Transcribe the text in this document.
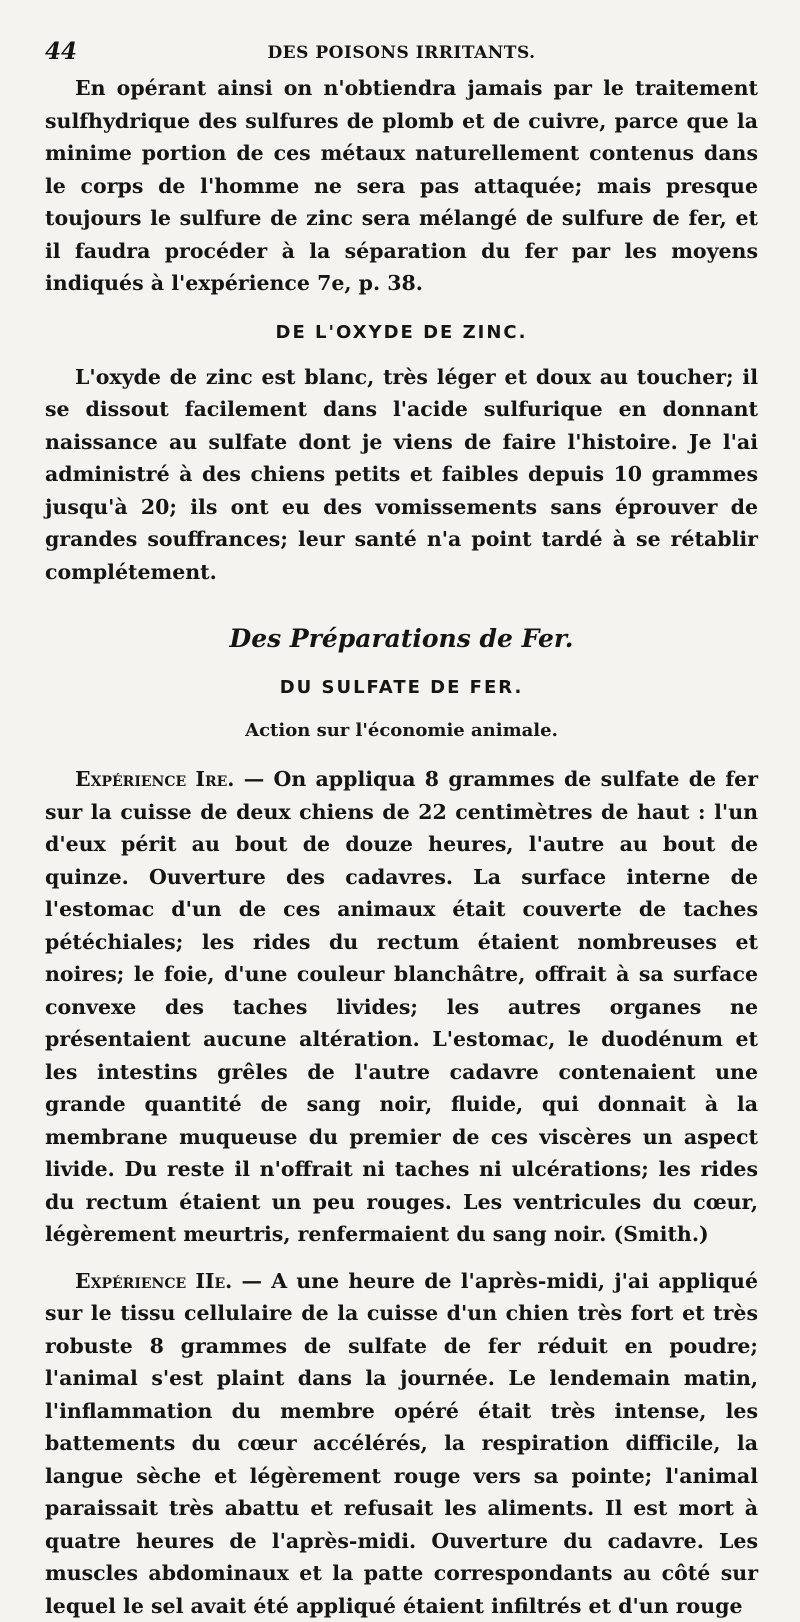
44	DES POISONS IRRITANTS.

En opérant ainsi on n'obtiendra jamais par le traitement sulfhydrique des sulfures de plomb et de cuivre, parce que la minime portion de ces métaux naturellement contenus dans le corps de l'homme ne sera pas attaquée; mais presque toujours le sulfure de zinc sera mélangé de sulfure de fer, et il faudra procéder à la séparation du fer par les moyens indiqués à l'expérience 7e, p. 38.

DE L'OXYDE DE ZINC.

L'oxyde de zinc est blanc, très léger et doux au toucher; il se dissout facilement dans l'acide sulfurique en donnant naissance au sulfate dont je viens de faire l'histoire. Je l'ai administré à des chiens petits et faibles depuis 10 grammes jusqu'à 20; ils ont eu des vomissements sans éprouver de grandes souffrances; leur santé n'a point tardé à se rétablir complétement.

Des Préparations de Fer.
DU SULFATE DE FER.
Action sur l'économie animale.

Expérience Ire. — On appliqua 8 grammes de sulfate de fer sur la cuisse de deux chiens de 22 centimètres de haut : l'un d'eux périt au bout de douze heures, l'autre au bout de quinze. Ouverture des cadavres. La surface interne de l'estomac d'un de ces animaux était couverte de taches pétéchiales; les rides du rectum étaient nombreuses et noires; le foie, d'une couleur blanchâtre, offrait à sa surface convexe des taches livides; les autres organes ne présentaient aucune altération. L'estomac, le duodénum et les intestins grêles de l'autre cadavre contenaient une grande quantité de sang noir, fluide, qui donnait à la membrane muqueuse du premier de ces viscères un aspect livide. Du reste il n'offrait ni taches ni ulcérations; les rides du rectum étaient un peu rouges. Les ventricules du cœur, légèrement meurtris, renfermaient du sang noir. (Smith.)

Expérience IIe. — A une heure de l'après-midi, j'ai appliqué sur le tissu cellulaire de la cuisse d'un chien très fort et très robuste 8 grammes de sulfate de fer réduit en poudre; l'animal s'est plaint dans la journée. Le lendemain matin, l'inflammation du membre opéré était très intense, les battements du cœur accélérés, la respiration difficile, la langue sèche et légèrement rouge vers sa pointe; l'animal paraissait très abattu et refusait les aliments. Il est mort à quatre heures de l'après-midi. Ouverture du cadavre. Les muscles abdominaux et la patte correspondants au côté sur lequel le sel avait été appliqué étaient infiltrés et d'un rouge
